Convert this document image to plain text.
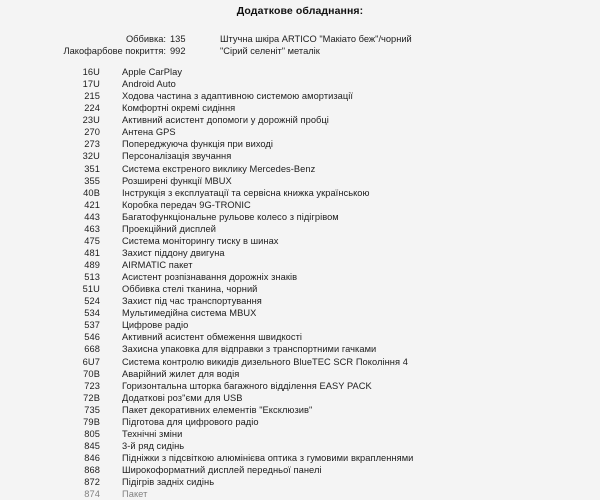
Додаткове обладнання:
Оббивка: 135	Штучна шкіра ARTICO "Макіато беж"/чорний
Лакофарбове покриття: 992	"Сірий селеніт" металік
16U Apple CarPlay
17U Android Auto
215 Ходова частина з адаптивною системою амортизації
224 Комфортні окремі сидіння
23U Активний асистент допомоги у дорожній пробці
270 Антена GPS
273 Попереджуюча функція при виході
32U Персоналізація звучання
351 Система екстреного виклику Mercedes-Benz
355 Розширені функції MBUX
40B Інструкція з експлуатації та сервісна книжка українською
421 Коробка передач 9G-TRONIC
443 Багатофункціональне рульове колесо з підігрівом
463 Проекційний дисплей
475 Система моніторингу тиску в шинах
481 Захист піддону двигуна
489 AIRMATIC пакет
513 Асистент розпізнавання дорожніх знаків
51U Оббивка стелі тканина, чорний
524 Захист під час транспортування
534 Мультимедійна система MBUX
537 Цифрове радіо
546 Активний асистент обмеження швидкості
668 Захисна упаковка для відправки з транспортними гачками
6U7 Система контролю викидів дизельного BlueTEC SCR Покоління 4
70B Аварійний жилет для водія
723 Горизонтальна шторка багажного відділення EASY PACK
72B Додаткові роз"єми для USB
735 Пакет декоративних елементів "Ексклюзив"
79B Підготова для цифрового радіо
805 Технічні зміни
845 3-й ряд сидінь
846 Підніжки з підсвіткою алюмінієва оптика з гумовими вкрапленнями
868 Широкоформатний дисплей передньої панелі
872 Підігрів задніх сидінь
874 Пакет
